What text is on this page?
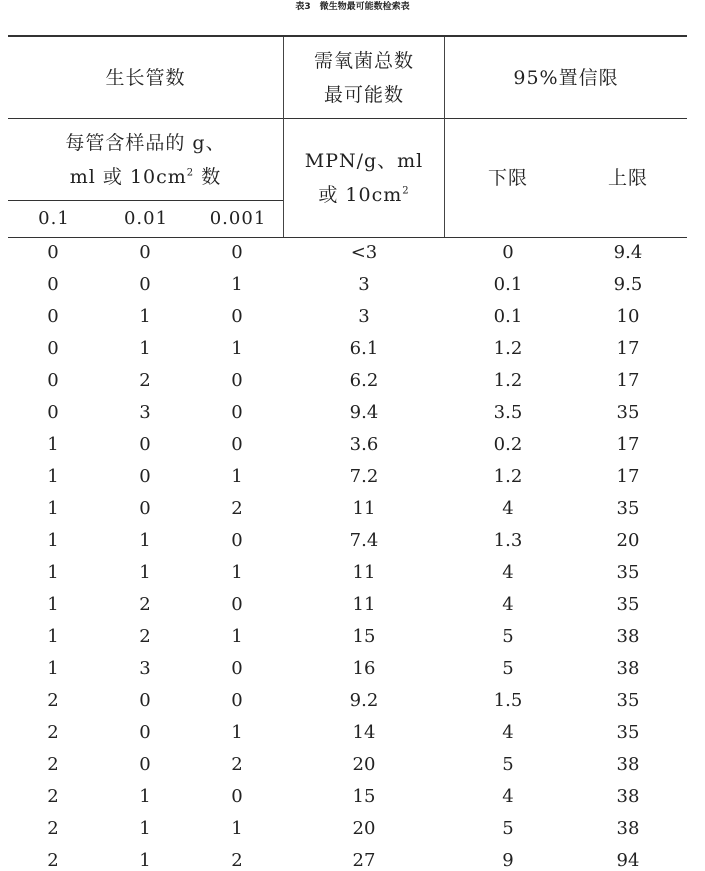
表3　微生物最可能数检索表
生长管数
需氧菌总数
最可能数
95%置信限
每管含样品的 g、
ml 或 $10cm^2$ 数
MPN/g、ml
或 $10cm^2$
下限	上限
0.1	0.01 0.001
0	0	0	<3	0	9.4
0	0	1	3	0.1	9.5
0	1	0	3	0.1	10
0	1	1	6.1	1.2	17
0	2	0	6.2	1.2	17
0	3	0	9.4	3.5	35
1	0	0	3.6	0.2	17
1	0	1	7.2	1.2	17
1	0	2	11	4	35
1	1	0	7.4	1.3	20
1	1	1	11	4	35
1	2	0	11	4	35
1	2	1	15	5	38
1	3	0	16	5	38
2	0	0	9.2	1.5	35
2	0	1	14	4	35
2	0	2	20	5	38
2	1	0	15	4	38
2	1	1	20	5	38
2	1	2	27	9	94
